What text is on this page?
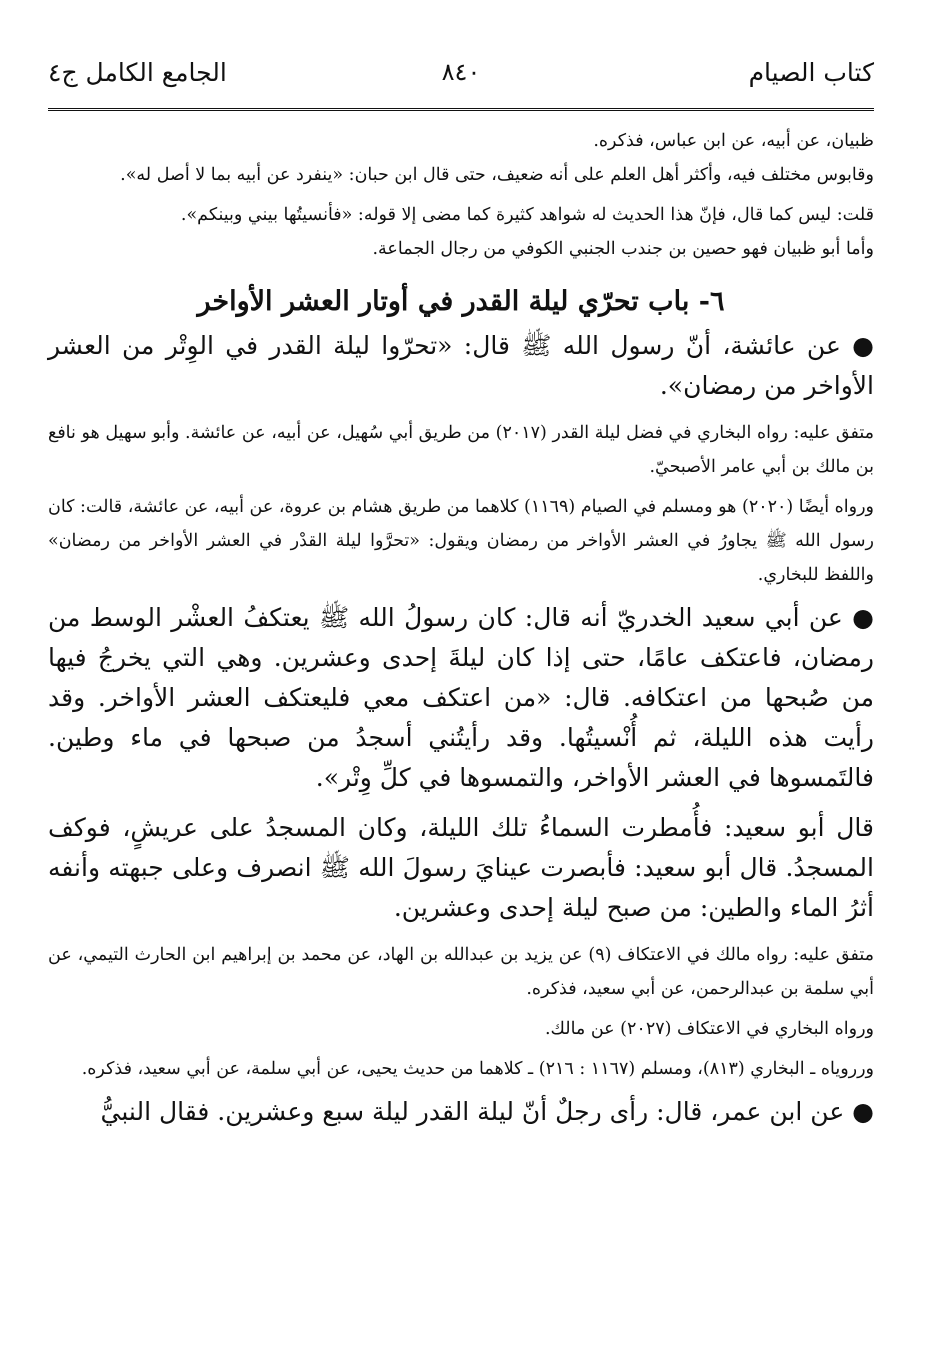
كتاب الصيام
٨٤٠
الجامع الكامل ج٤

ظبيان، عن أبيه، عن ابن عباس، فذكره.

وقابوس مختلف فيه، وأكثر أهل العلم على أنه ضعيف، حتى قال ابن حبان: «ينفرد عن أبيه بما لا أصل له».

قلت: ليس كما قال، فإنّ هذا الحديث له شواهد كثيرة كما مضى إلا قوله: «فأنسيتُها بيني وبينكم».

وأما أبو ظبيان فهو حصين بن جندب الجنبي الكوفي من رجال الجماعة.

٦- باب تحرّي ليلة القدر في أوتار العشر الأواخر

● عن عائشة، أنّ رسول الله ﷺ قال: «تحرّوا ليلة القدر في الوِتْر من العشر الأواخر من رمضان».

متفق عليه: رواه البخاري في فضل ليلة القدر (٢٠١٧) من طريق أبي سُهيل، عن أبيه، عن عائشة. وأبو سهيل هو نافع بن مالك بن أبي عامر الأصبحيّ.

ورواه أيضًا (٢٠٢٠) هو ومسلم في الصيام (١١٦٩) كلاهما من طريق هشام بن عروة، عن أبيه، عن عائشة، قالت: كان رسول الله ﷺ يجاورُ في العشر الأواخر من رمضان ويقول: «تحرَّوا ليلة القدْر في العشر الأواخر من رمضان» واللفظ للبخاري.

● عن أبي سعيد الخدريّ أنه قال: كان رسولُ الله ﷺ يعتكفُ العشْر الوسط من رمضان، فاعتكف عامًا، حتى إذا كان ليلةَ إحدى وعشرين. وهي التي يخرجُ فيها من صُبحها من اعتكافه. قال: «من اعتكف معي فليعتكف العشر الأواخر. وقد رأيت هذه الليلة، ثم أُنْسيتُها. وقد رأيتُني أسجدُ من صبحها في ماء وطين. فالتَمسوها في العشر الأواخر، والتمسوها في كلِّ وِتْر».

قال أبو سعيد: فأُمطرت السماءُ تلك الليلة، وكان المسجدُ على عريشٍ، فوكف المسجدُ. قال أبو سعيد: فأبصرت عينايَ رسولَ الله ﷺ انصرف وعلى جبهته وأنفه أثرُ الماء والطين: من صبح ليلة إحدى وعشرين.

متفق عليه: رواه مالك في الاعتكاف (٩) عن يزيد بن عبدالله بن الهاد، عن محمد بن إبراهيم ابن الحارث التيمي، عن أبي سلمة بن عبدالرحمن، عن أبي سعيد، فذكره.

ورواه البخاري في الاعتكاف (٢٠٢٧) عن مالك.

ورروياه ـ البخاري (٨١٣)، ومسلم (١١٦٧ : ٢١٦) ـ كلاهما من حديث يحيى، عن أبي سلمة، عن أبي سعيد، فذكره.

● عن ابن عمر، قال: رأى رجلٌ أنّ ليلة القدر ليلة سبع وعشرين. فقال النبيُّ
